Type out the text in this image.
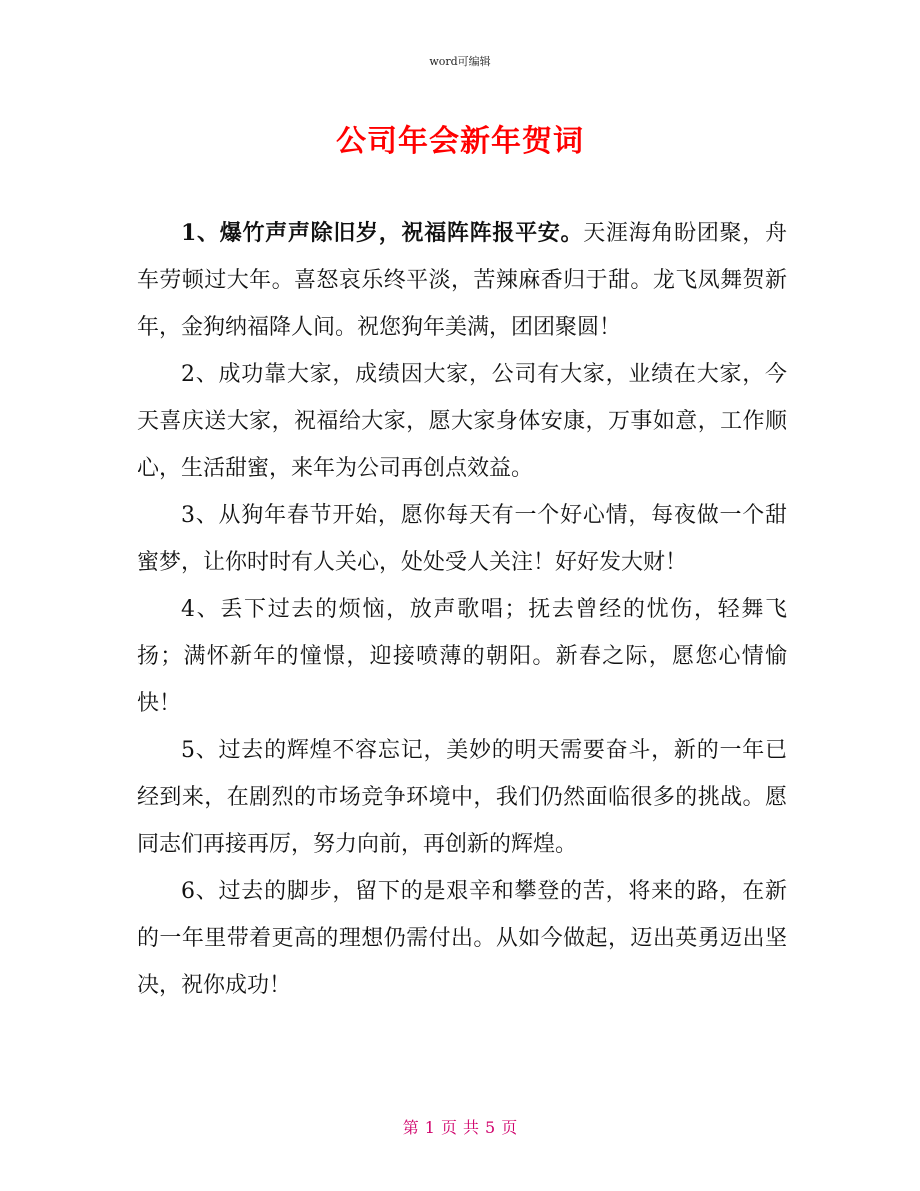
word可编辑
公司年会新年贺词

1、爆竹声声除旧岁，祝福阵阵报平安。天涯海角盼团聚，舟车劳顿过大年。喜怒哀乐终平淡，苦辣麻香归于甜。龙飞凤舞贺新年，金狗纳福降人间。祝您狗年美满，团团聚圆！

2、成功靠大家，成绩因大家，公司有大家，业绩在大家，今天喜庆送大家，祝福给大家，愿大家身体安康，万事如意，工作顺心，生活甜蜜，来年为公司再创点效益。

3、从狗年春节开始，愿你每天有一个好心情，每夜做一个甜蜜梦，让你时时有人关心，处处受人关注！好好发大财！

4、丢下过去的烦恼，放声歌唱；抚去曾经的忧伤，轻舞飞扬；满怀新年的憧憬，迎接喷薄的朝阳。新春之际，愿您心情愉快！

5、过去的辉煌不容忘记，美妙的明天需要奋斗，新的一年已经到来，在剧烈的市场竞争环境中，我们仍然面临很多的挑战。愿同志们再接再厉，努力向前，再创新的辉煌。

6、过去的脚步，留下的是艰辛和攀登的苦，将来的路，在新的一年里带着更高的理想仍需付出。从如今做起，迈出英勇迈出坚决，祝你成功！

第 1 页 共 5 页
